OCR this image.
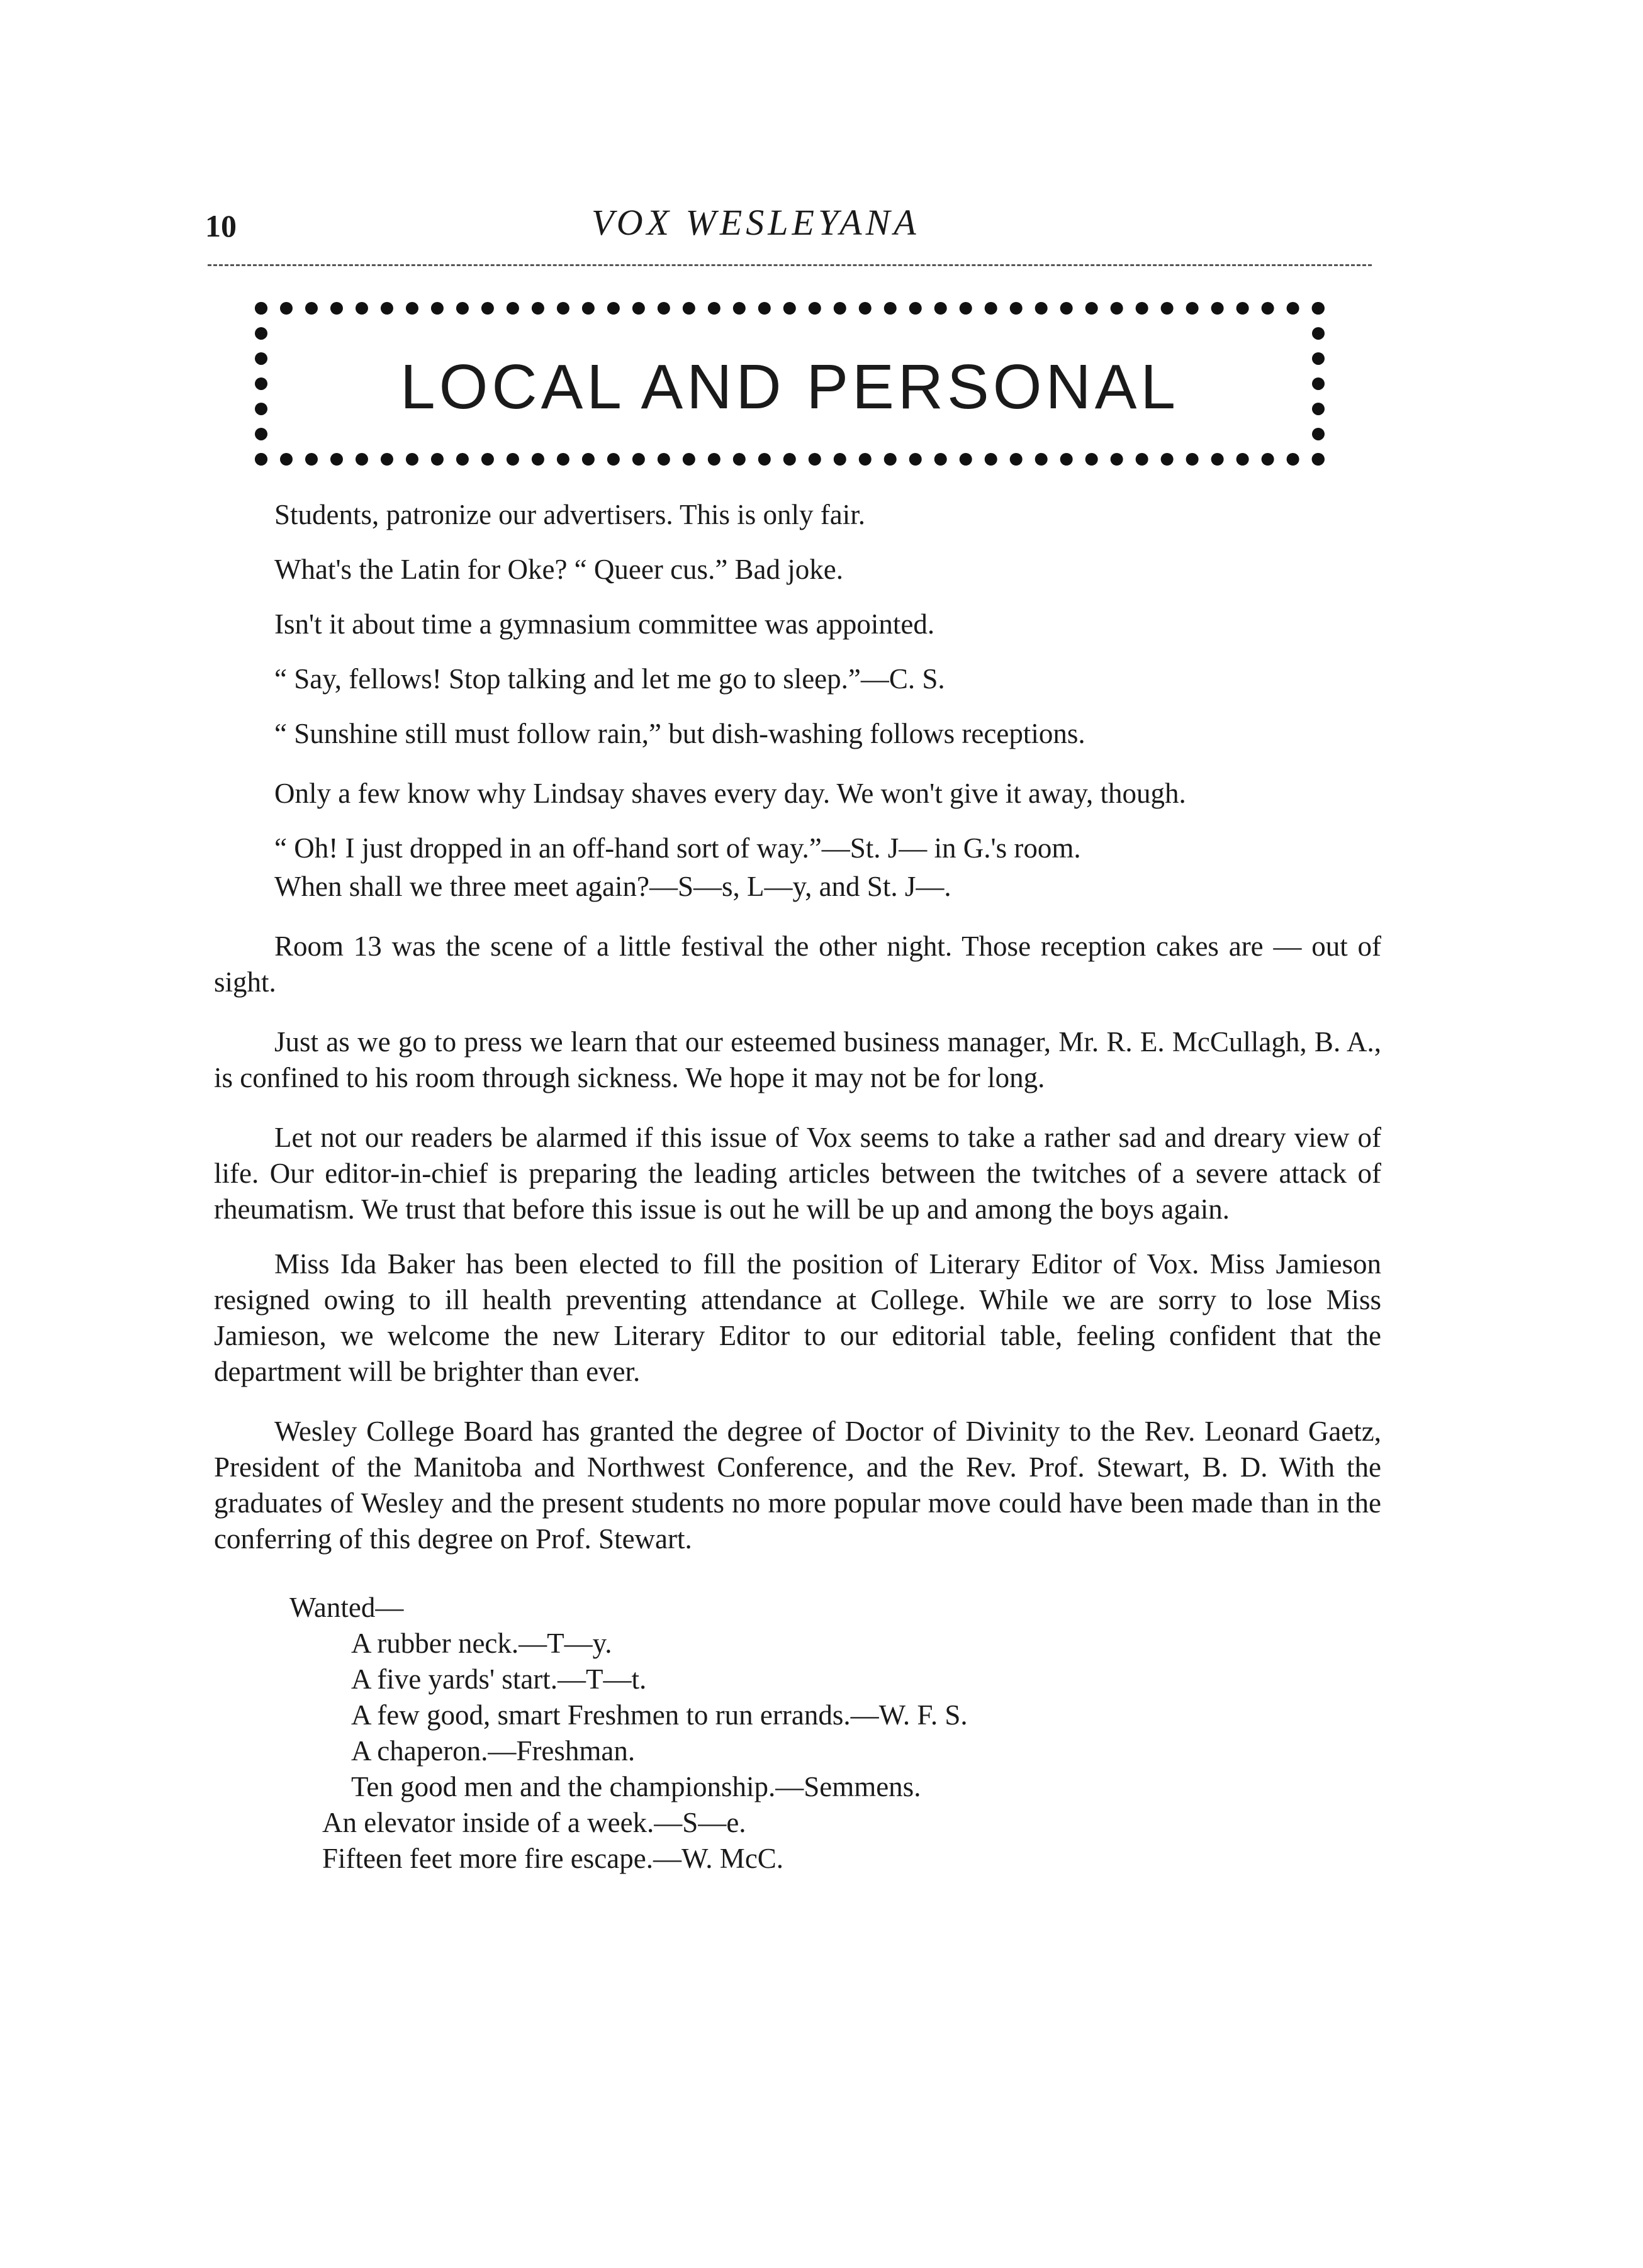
10	VOX WESLEYANA
LOCAL AND PERSONAL

Students, patronize our advertisers. This is only fair.

What's the Latin for Oke? “ Queer cus.” Bad joke.

Isn't it about time a gymnasium committee was appointed.

“ Say, fellows! Stop talking and let me go to sleep.”—C. S.

“ Sunshine still must follow rain,” but dish-washing follows receptions.

Only a few know why Lindsay shaves every day. We won't give it away, though.

“ Oh! I just dropped in an off-hand sort of way.”—St. J— in G.'s room.

When shall we three meet again?—S—s, L—y, and St. J—.

Room 13 was the scene of a little festival the other night. Those reception cakes are — out of sight.

Just as we go to press we learn that our esteemed business manager, Mr. R. E. McCullagh, B. A., is confined to his room through sickness. We hope it may not be for long.

Let not our readers be alarmed if this issue of Vox seems to take a rather sad and dreary view of life. Our editor-in-chief is preparing the leading articles between the twitches of a severe attack of rheumatism. We trust that before this issue is out he will be up and among the boys again.

Miss Ida Baker has been elected to fill the position of Literary Editor of Vox. Miss Jamieson resigned owing to ill health preventing attendance at College. While we are sorry to lose Miss Jamieson, we welcome the new Literary Editor to our editorial table, feeling confident that the department will be brighter than ever.

Wesley College Board has granted the degree of Doctor of Divinity to the Rev. Leonard Gaetz, President of the Manitoba and Northwest Conference, and the Rev. Prof. Stewart, B. D. With the graduates of Wesley and the present students no more popular move could have been made than in the conferring of this degree on Prof. Stewart.

Wanted—
A rubber neck.—T—y.
A five yards' start.—T—t.
A few good, smart Freshmen to run errands.—W. F. S.
A chaperon.—Freshman.
Ten good men and the championship.—Semmens.
An elevator inside of a week.—S—e.
Fifteen feet more fire escape.—W. McC.
